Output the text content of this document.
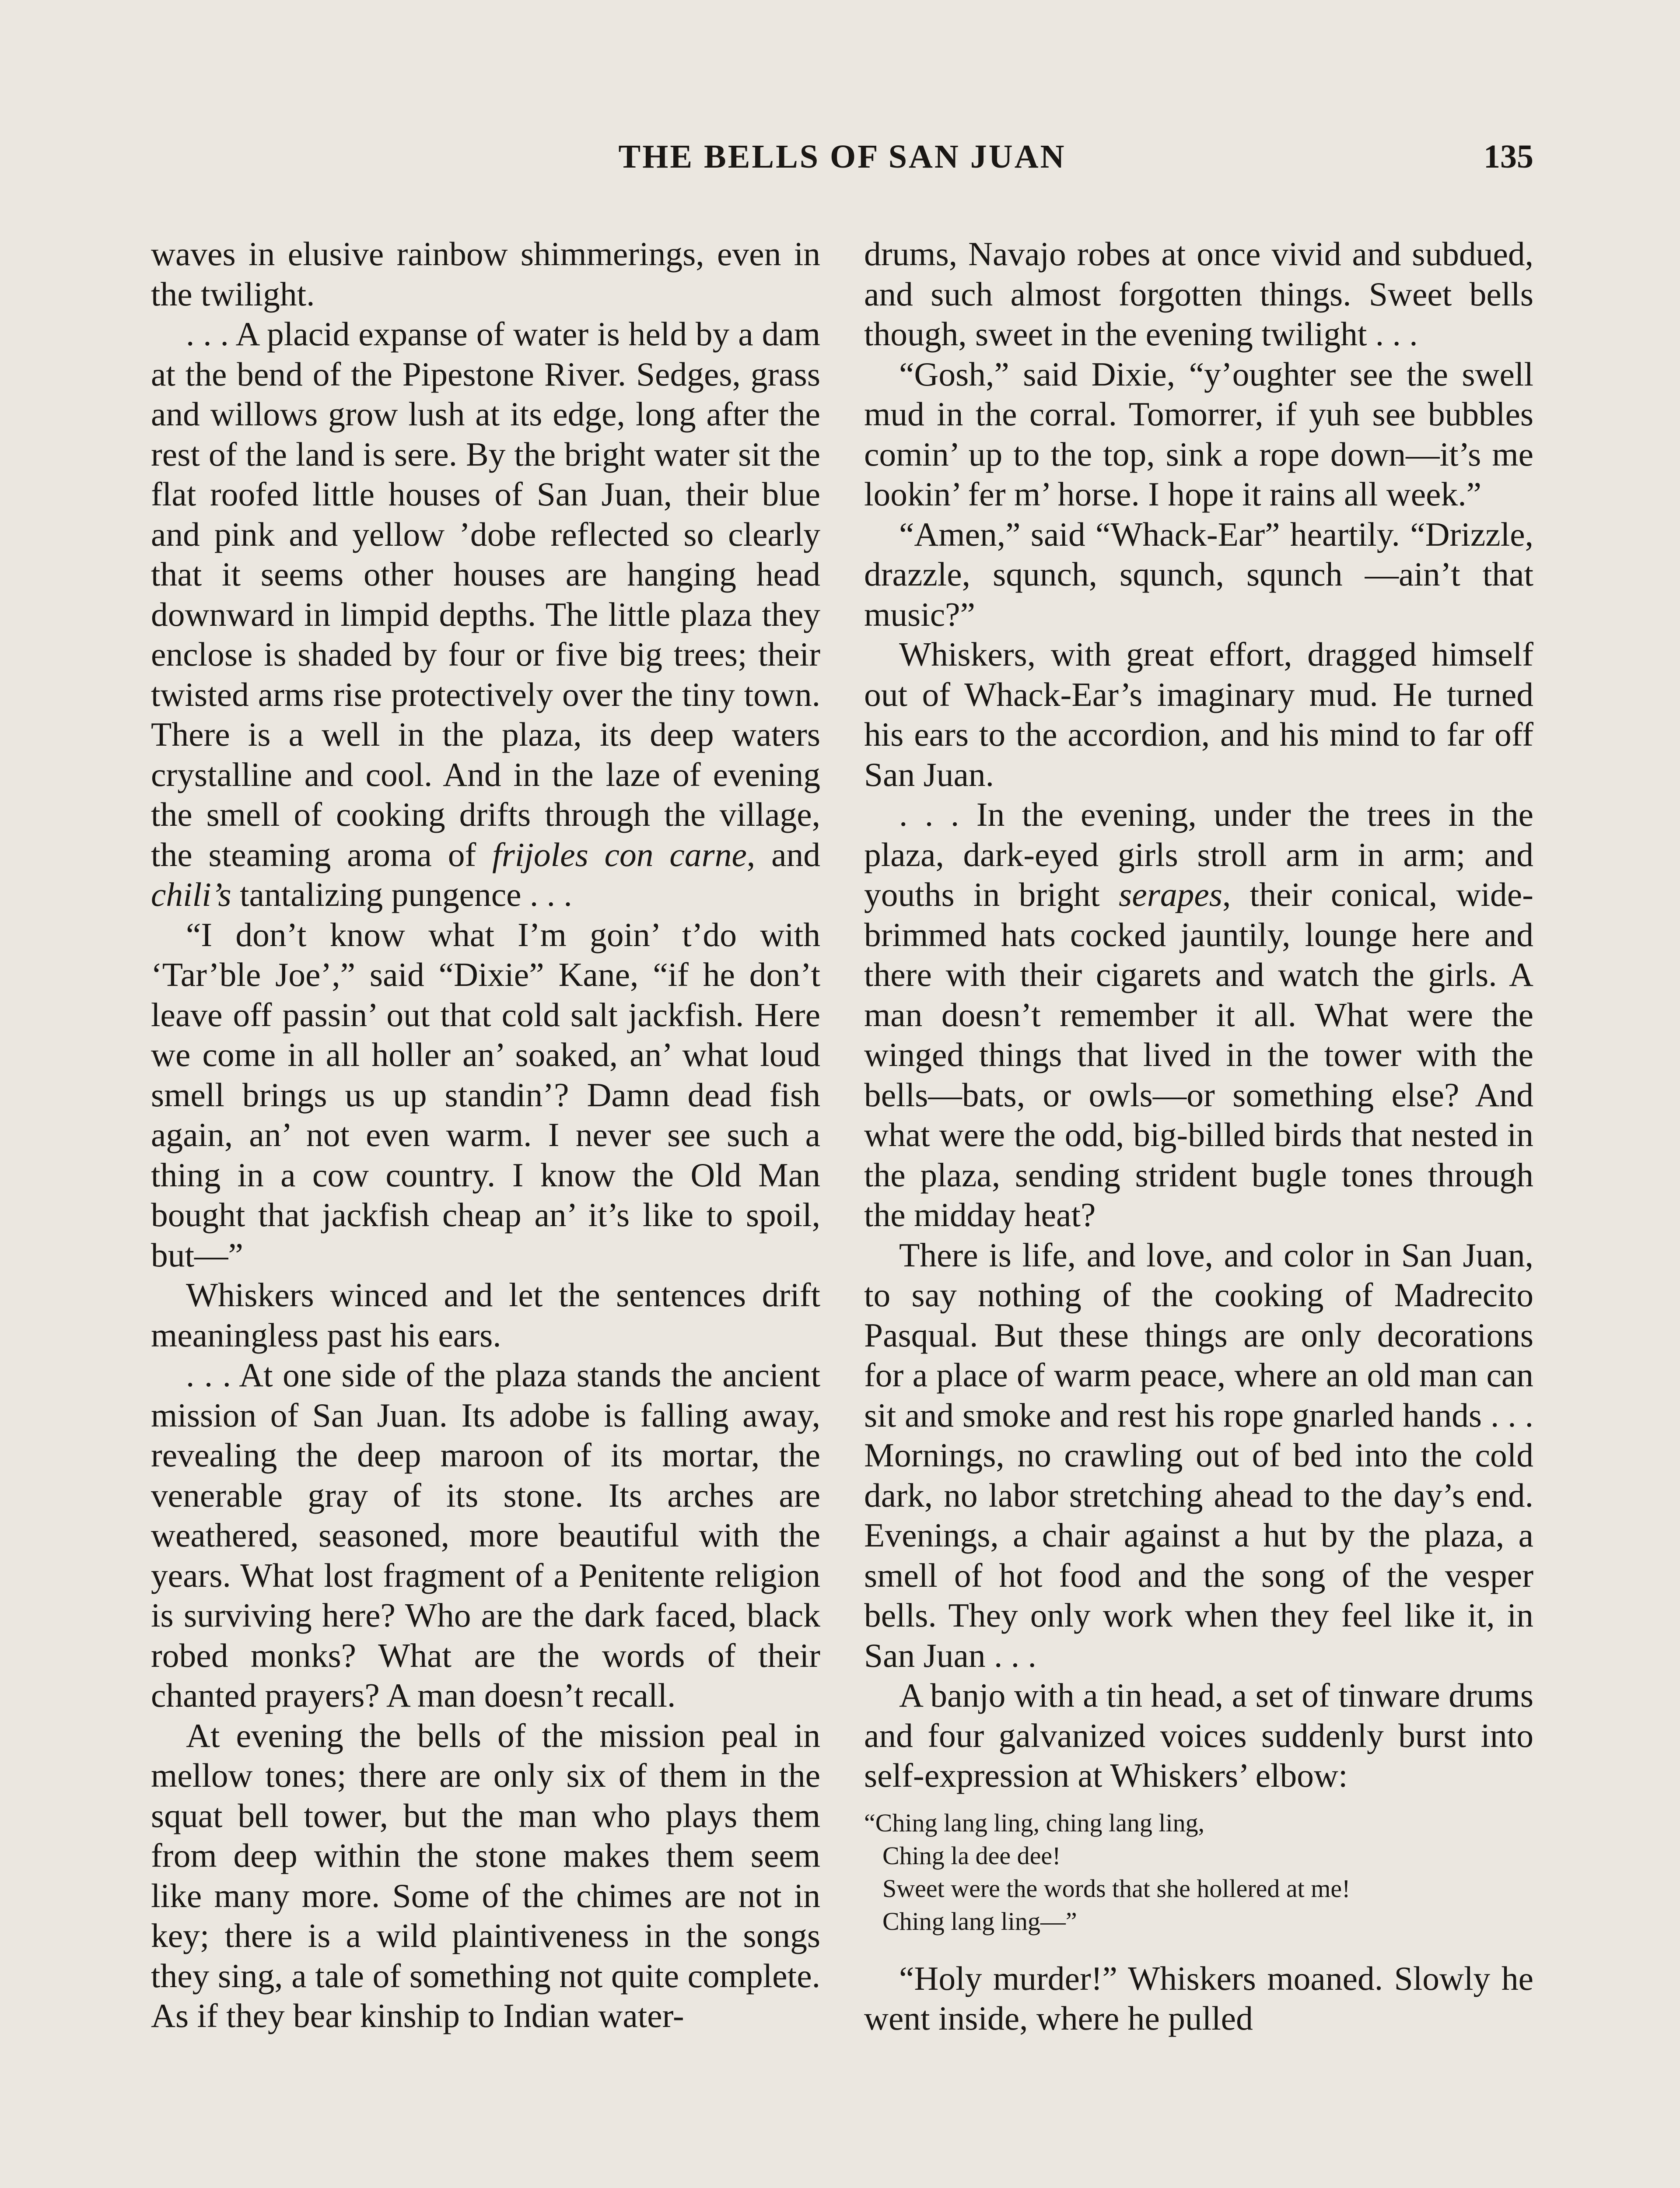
THE BELLS OF SAN JUAN	135

waves in elusive rainbow shimmerings, even in the twilight.

. . . A placid expanse of water is held by a dam at the bend of the Pipestone River. Sedges, grass and willows grow lush at its edge, long after the rest of the land is sere. By the bright water sit the flat roofed little houses of San Juan, their blue and pink and yellow ’dobe reflected so clearly that it seems other houses are hanging head downward in limpid depths. The little plaza they enclose is shaded by four or five big trees; their twisted arms rise protectively over the tiny town. There is a well in the plaza, its deep waters crystalline and cool. And in the laze of evening the smell of cooking drifts through the village, the steaming aroma of frijoles con carne, and chili’s tantalizing pungence . . .

“I don’t know what I’m goin’ t’do with ‘Tar’ble Joe’,” said “Dixie” Kane, “if he don’t leave off passin’ out that cold salt jackfish. Here we come in all holler an’ soaked, an’ what loud smell brings us up standin’? Damn dead fish again, an’ not even warm. I never see such a thing in a cow country. I know the Old Man bought that jackfish cheap an’ it’s like to spoil, but—”

Whiskers winced and let the sentences drift meaningless past his ears.

. . . At one side of the plaza stands the ancient mission of San Juan. Its adobe is falling away, revealing the deep maroon of its mortar, the venerable gray of its stone. Its arches are weathered, seasoned, more beautiful with the years. What lost fragment of a Penitente religion is surviving here? Who are the dark faced, black robed monks? What are the words of their chanted prayers? A man doesn’t recall.

At evening the bells of the mission peal in mellow tones; there are only six of them in the squat bell tower, but the man who plays them from deep within the stone makes them seem like many more. Some of the chimes are not in key; there is a wild plaintiveness in the songs they sing, a tale of something not quite complete. As if they bear kinship to Indian water-

drums, Navajo robes at once vivid and subdued, and such almost forgotten things. Sweet bells though, sweet in the evening twilight . . .

“Gosh,” said Dixie, “y’oughter see the swell mud in the corral. Tomorrer, if yuh see bubbles comin’ up to the top, sink a rope down—it’s me lookin’ fer m’ horse. I hope it rains all week.”

“Amen,” said “Whack-Ear” heartily. “Drizzle, drazzle, squnch, squnch, squnch —ain’t that music?”

Whiskers, with great effort, dragged himself out of Whack-Ear’s imaginary mud. He turned his ears to the accordion, and his mind to far off San Juan.

. . . In the evening, under the trees in the plaza, dark-eyed girls stroll arm in arm; and youths in bright serapes, their conical, wide-brimmed hats cocked jauntily, lounge here and there with their cigarets and watch the girls. A man doesn’t remember it all. What were the winged things that lived in the tower with the bells—bats, or owls—or something else? And what were the odd, big-billed birds that nested in the plaza, sending strident bugle tones through the midday heat?

There is life, and love, and color in San Juan, to say nothing of the cooking of Madrecito Pasqual. But these things are only decorations for a place of warm peace, where an old man can sit and smoke and rest his rope gnarled hands . . . Mornings, no crawling out of bed into the cold dark, no labor stretching ahead to the day’s end. Evenings, a chair against a hut by the plaza, a smell of hot food and the song of the vesper bells. They only work when they feel like it, in San Juan . . .

A banjo with a tin head, a set of tinware drums and four galvanized voices suddenly burst into self-expression at Whiskers’ elbow:

“Ching lang ling, ching lang ling,
Ching la dee dee!
Sweet were the words that she hollered at me!
Ching lang ling—”

“Holy murder!” Whiskers moaned. Slowly he went inside, where he pulled
